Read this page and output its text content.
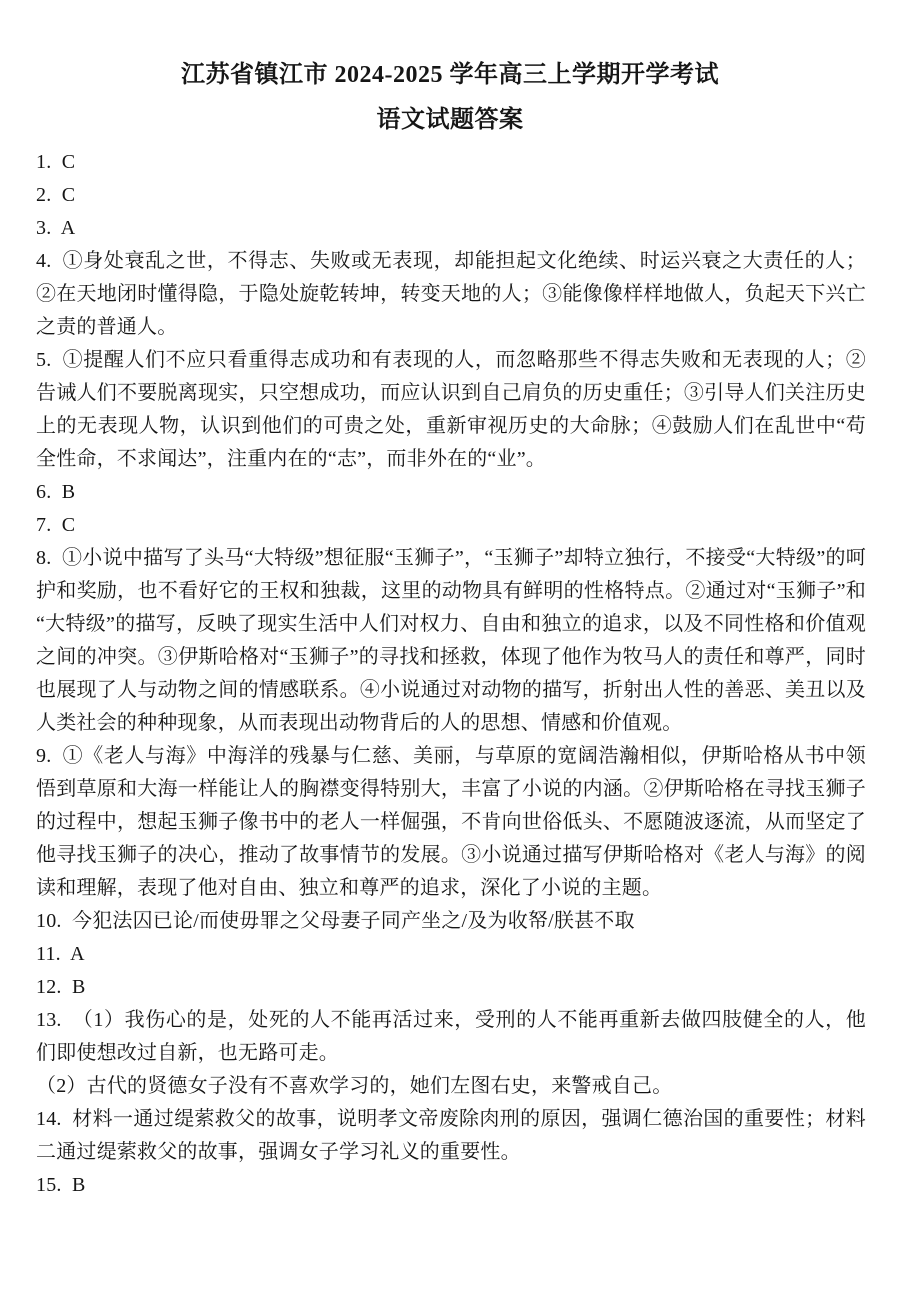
江苏省镇江市 2024-2025 学年高三上学期开学考试
语文试题答案

1.  C

2.  C

3.  A

4.  ①身处衰乱之世，不得志、失败或无表现，却能担起文化绝续、时运兴衰之大责任的人；②在天地闭时懂得隐，于隐处旋乾转坤，转变天地的人；③能像像样样地做人，负起天下兴亡之责的普通人。

5.  ①提醒人们不应只看重得志成功和有表现的人，而忽略那些不得志失败和无表现的人；②告诫人们不要脱离现实，只空想成功，而应认识到自己肩负的历史重任；③引导人们关注历史上的无表现人物，认识到他们的可贵之处，重新审视历史的大命脉；④鼓励人们在乱世中“苟全性命，不求闻达”，注重内在的“志”，而非外在的“业”。

6.  B

7.  C

8.  ①小说中描写了头马“大特级”想征服“玉狮子”，“玉狮子”却特立独行，不接受“大特级”的呵护和奖励，也不看好它的王权和独裁，这里的动物具有鲜明的性格特点。②通过对“玉狮子”和“大特级”的描写，反映了现实生活中人们对权力、自由和独立的追求，以及不同性格和价值观之间的冲突。③伊斯哈格对“玉狮子”的寻找和拯救，体现了他作为牧马人的责任和尊严，同时也展现了人与动物之间的情感联系。④小说通过对动物的描写，折射出人性的善恶、美丑以及人类社会的种种现象，从而表现出动物背后的人的思想、情感和价值观。

9.  ①《老人与海》中海洋的残暴与仁慈、美丽，与草原的宽阔浩瀚相似，伊斯哈格从书中领悟到草原和大海一样能让人的胸襟变得特别大，丰富了小说的内涵。②伊斯哈格在寻找玉狮子的过程中，想起玉狮子像书中的老人一样倔强，不肯向世俗低头、不愿随波逐流，从而坚定了他寻找玉狮子的决心，推动了故事情节的发展。③小说通过描写伊斯哈格对《老人与海》的阅读和理解，表现了他对自由、独立和尊严的追求，深化了小说的主题。

10.  今犯法囚已论/而使毋罪之父母妻子同产坐之/及为收帑/朕甚不取

11.  A

12.  B

13.  （1）我伤心的是，处死的人不能再活过来，受刑的人不能再重新去做四肢健全的人，他们即使想改过自新，也无路可走。

（2）古代的贤德女子没有不喜欢学习的，她们左图右史，来警戒自己。

14.  材料一通过缇萦救父的故事，说明孝文帝废除肉刑的原因，强调仁德治国的重要性；材料二通过缇萦救父的故事，强调女子学习礼义的重要性。

15.  B
